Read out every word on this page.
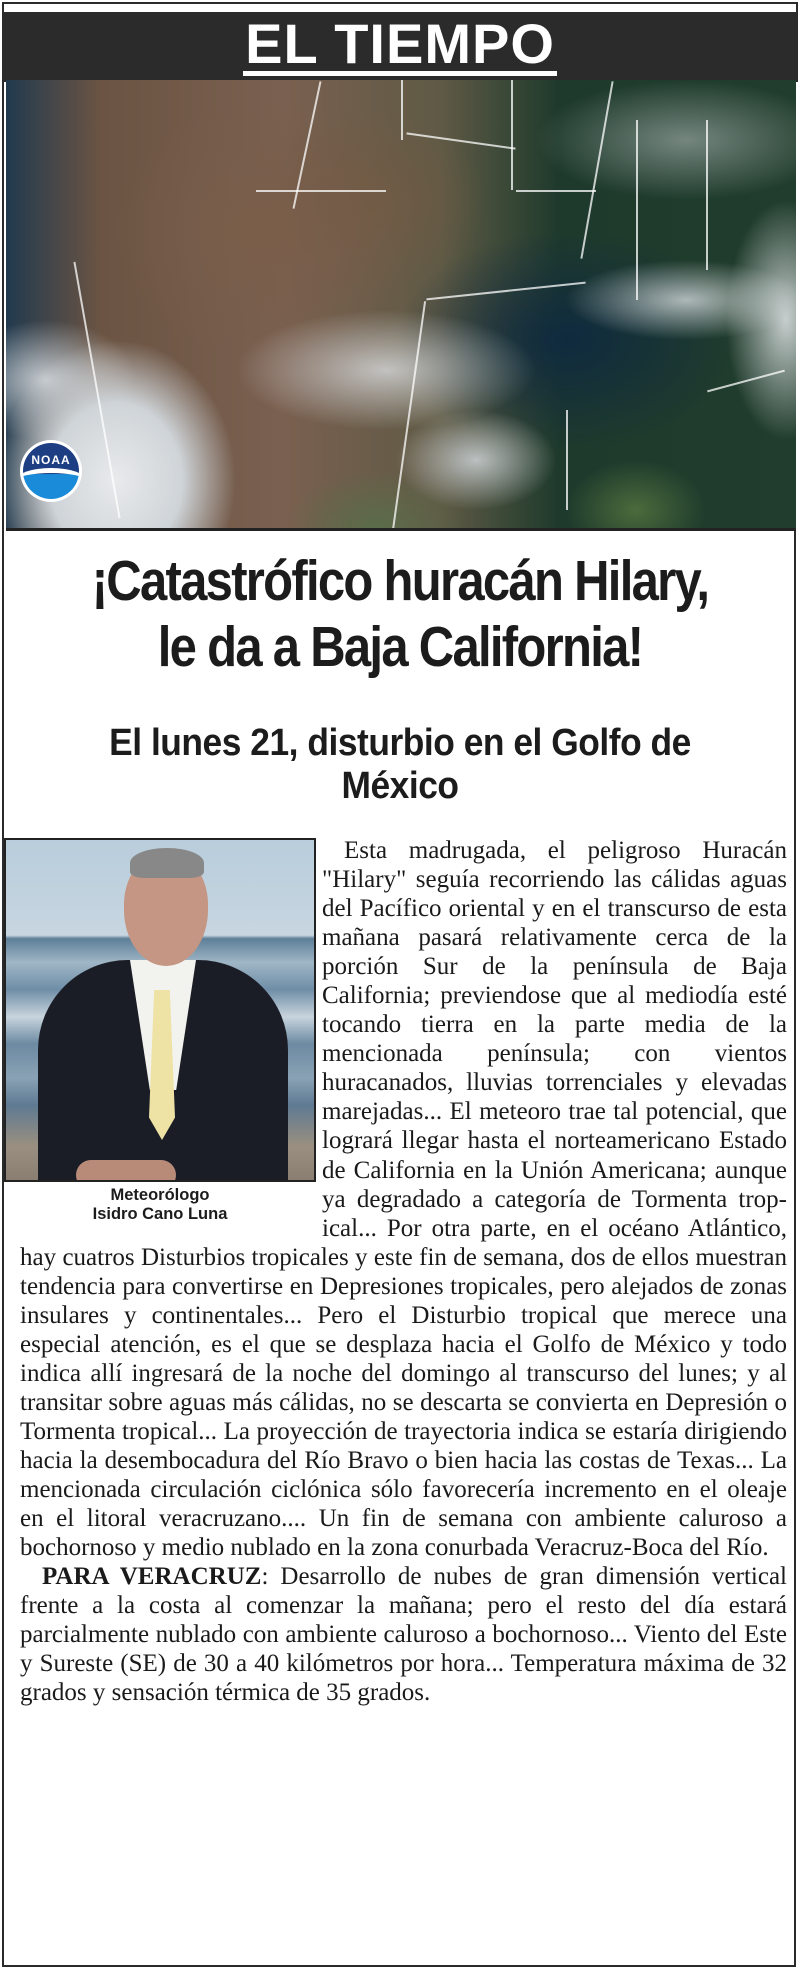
EL TIEMPO
NOAA
¡Catastrófico huracán Hilary, le da a Baja California!
El lunes 21, disturbio en el Golfo de México
Meteorólogo
Isidro Cano Luna

Esta madrugada, el peligroso Huracán "Hilary" seguía recorriendo las cálidas aguas del Pacífico oriental y en el transcurso de esta mañana pasará relativamente cerca de la porción Sur de la península de Baja California; previendose que al mediodía esté tocando tierra en la parte media de la mencionada península; con vientos huracanados, lluvias torrenciales y elevadas marejadas... El meteoro trae tal potencial, que logrará llegar hasta el norteamericano Estado de California en la Unión Americana; aunque ya degradado a categoría de Tormenta tropical... Por otra parte, en el océano Atlántico, hay cuatros Disturbios tropicales y este fin de semana, dos de ellos muestran tendencia para convertirse en Depresiones tropicales, pero alejados de zonas insulares y continentales... Pero el Disturbio tropical que merece una especial atención, es el que se desplaza hacia el Golfo de México y todo indica allí ingresará de la noche del domingo al transcurso del lunes; y al transitar sobre aguas más cálidas, no se descarta se convierta en Depresión o Tormenta tropical... La proyección de trayectoria indica se estaría dirigiendo hacia la desembocadura del Río Bravo o bien hacia las costas de Texas... La mencionada circulación ciclónica sólo favorecería incremento en el oleaje en el litoral veracruzano.... Un fin de semana con ambiente caluroso a bochornoso y medio nublado en la zona conurbada Veracruz-Boca del Río.

PARA VERACRUZ: Desarrollo de nubes de gran dimensión vertical frente a la costa al comenzar la mañana; pero el resto del día estará parcialmente nublado con ambiente caluroso a bochornoso... Viento del Este y Sureste (SE) de 30 a 40 kilómetros por hora... Temperatura máxima de 32 grados y sensación térmica de 35 grados.
